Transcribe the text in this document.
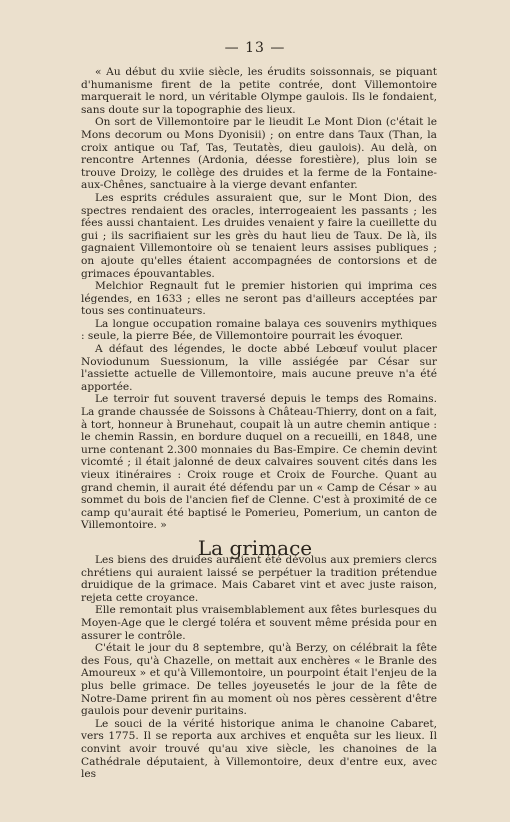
— 13 —

« Au début du xviie siècle, les érudits soissonnais, se piquant d'humanisme firent de la petite contrée, dont Villemontoire marquerait le nord, un véritable Olympe gaulois. Ils le fondaient, sans doute sur la topographie des lieux.

On sort de Villemontoire par le lieudit Le Mont Dion (c'était le Mons decorum ou Mons Dyonisii) ; on entre dans Taux (Than, la croix antique ou Taf, Tas, Teutatès, dieu gaulois). Au delà, on rencontre Artennes (Ardonia, déesse forestière), plus loin se trouve Droizy, le collège des druides et la ferme de la Fontaine-aux-Chênes, sanctuaire à la vierge devant enfanter.

Les esprits crédules assuraient que, sur le Mont Dion, des spectres rendaient des oracles, interrogeaient les passants ; les fées aussi chantaient. Les druides venaient y faire la cueillette du gui ; ils sacrifiaient sur les grès du haut lieu de Taux. De là, ils gagnaient Villemontoire où se tenaient leurs assises publiques ; on ajoute qu'elles étaient accompagnées de contorsions et de grimaces épouvantables.

Melchior Regnault fut le premier historien qui imprima ces légendes, en 1633 ; elles ne seront pas d'ailleurs acceptées par tous ses continuateurs.

La longue occupation romaine balaya ces souvenirs mythiques : seule, la pierre Bée, de Villemontoire pourrait les évoquer.

A défaut des légendes, le docte abbé Lebœuf voulut placer Noviodunum Suessionum, la ville assiégée par César sur l'assiette actuelle de Villemontoire, mais aucune preuve n'a été apportée.

Le terroir fut souvent traversé depuis le temps des Romains. La grande chaussée de Soissons à Château-Thierry, dont on a fait, à tort, honneur à Brunehaut, coupait là un autre chemin antique : le chemin Rassin, en bordure duquel on a recueilli, en 1848, une urne contenant 2.300 monnaies du Bas-Empire. Ce chemin devint vicomté ; il était jalonné de deux calvaires souvent cités dans les vieux itinéraires : Croix rouge et Croix de Fourche. Quant au grand chemin, il aurait été défendu par un « Camp de César » au sommet du bois de l'ancien fief de Clenne. C'est à proximité de ce camp qu'aurait été baptisé le Pomerieu, Pomerium, un canton de Villemontoire. »

La grimace

Les biens des druides auraient été dévolus aux premiers clercs chrétiens qui auraient laissé se perpétuer la tradition prétendue druidique de la grimace. Mais Cabaret vint et avec juste raison, rejeta cette croyance.

Elle remontait plus vraisemblablement aux fêtes burlesques du Moyen-Age que le clergé toléra et souvent même présida pour en assurer le contrôle.

C'était le jour du 8 septembre, qu'à Berzy, on célébrait la fête des Fous, qu'à Chazelle, on mettait aux enchères « le Branle des Amoureux » et qu'à Villemontoire, un pourpoint était l'enjeu de la plus belle grimace. De telles joyeusetés le jour de la fête de Notre-Dame prirent fin au moment où nos pères cessèrent d'être gaulois pour devenir puritains.

Le souci de la vérité historique anima le chanoine Cabaret, vers 1775. Il se reporta aux archives et enquêta sur les lieux. Il convint avoir trouvé qu'au xive siècle, les chanoines de la Cathédrale députaient, à Villemontoire, deux d'entre eux, avec les
